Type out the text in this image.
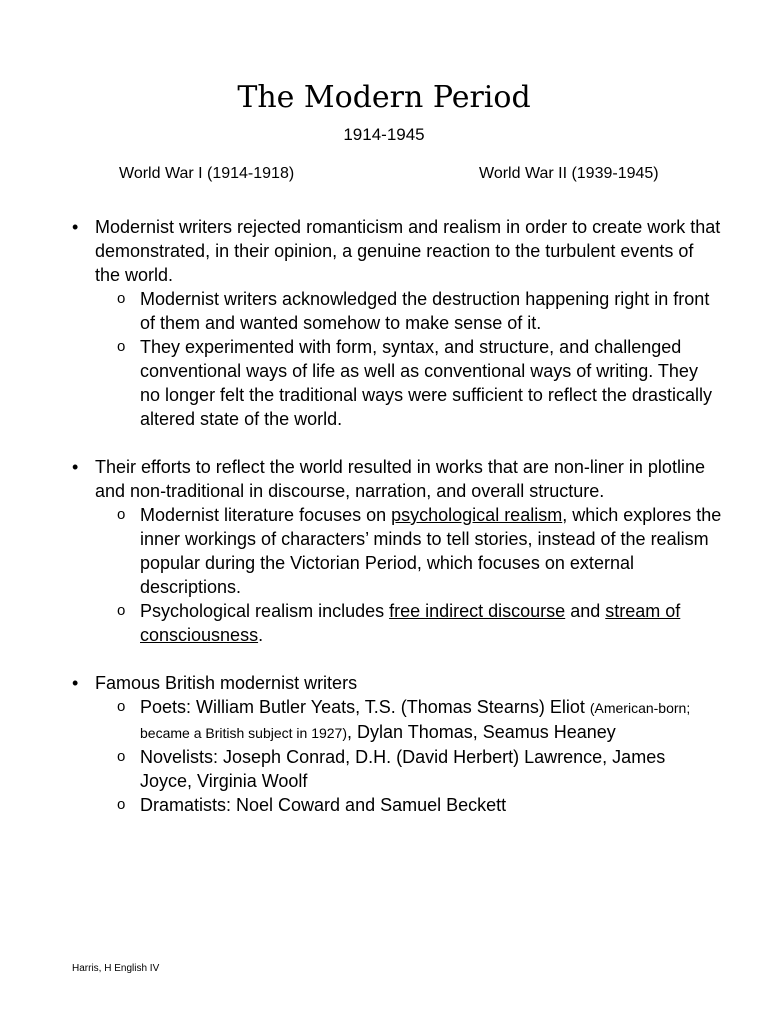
The Modern Period
1914-1945
World War I (1914-1918)	World War II (1939-1945)
• Modernist writers rejected romanticism and realism in order to create work that demonstrated, in their opinion, a genuine reaction to the turbulent events of the world.
o Modernist writers acknowledged the destruction happening right in front of them and wanted somehow to make sense of it.
o They experimented with form, syntax, and structure, and challenged conventional ways of life as well as conventional ways of writing. They no longer felt the traditional ways were sufficient to reflect the drastically altered state of the world.
• Their efforts to reflect the world resulted in works that are non-liner in plotline and non-traditional in discourse, narration, and overall structure.
o Modernist literature focuses on psychological realism, which explores the inner workings of characters’ minds to tell stories, instead of the realism popular during the Victorian Period, which focuses on external descriptions.
o Psychological realism includes free indirect discourse and stream of consciousness.
• Famous British modernist writers
o Poets: William Butler Yeats, T.S. (Thomas Stearns) Eliot (American-born; became a British subject in 1927), Dylan Thomas, Seamus Heaney
o Novelists: Joseph Conrad, D.H. (David Herbert) Lawrence, James Joyce, Virginia Woolf
o Dramatists: Noel Coward and Samuel Beckett
Harris, H English IV
